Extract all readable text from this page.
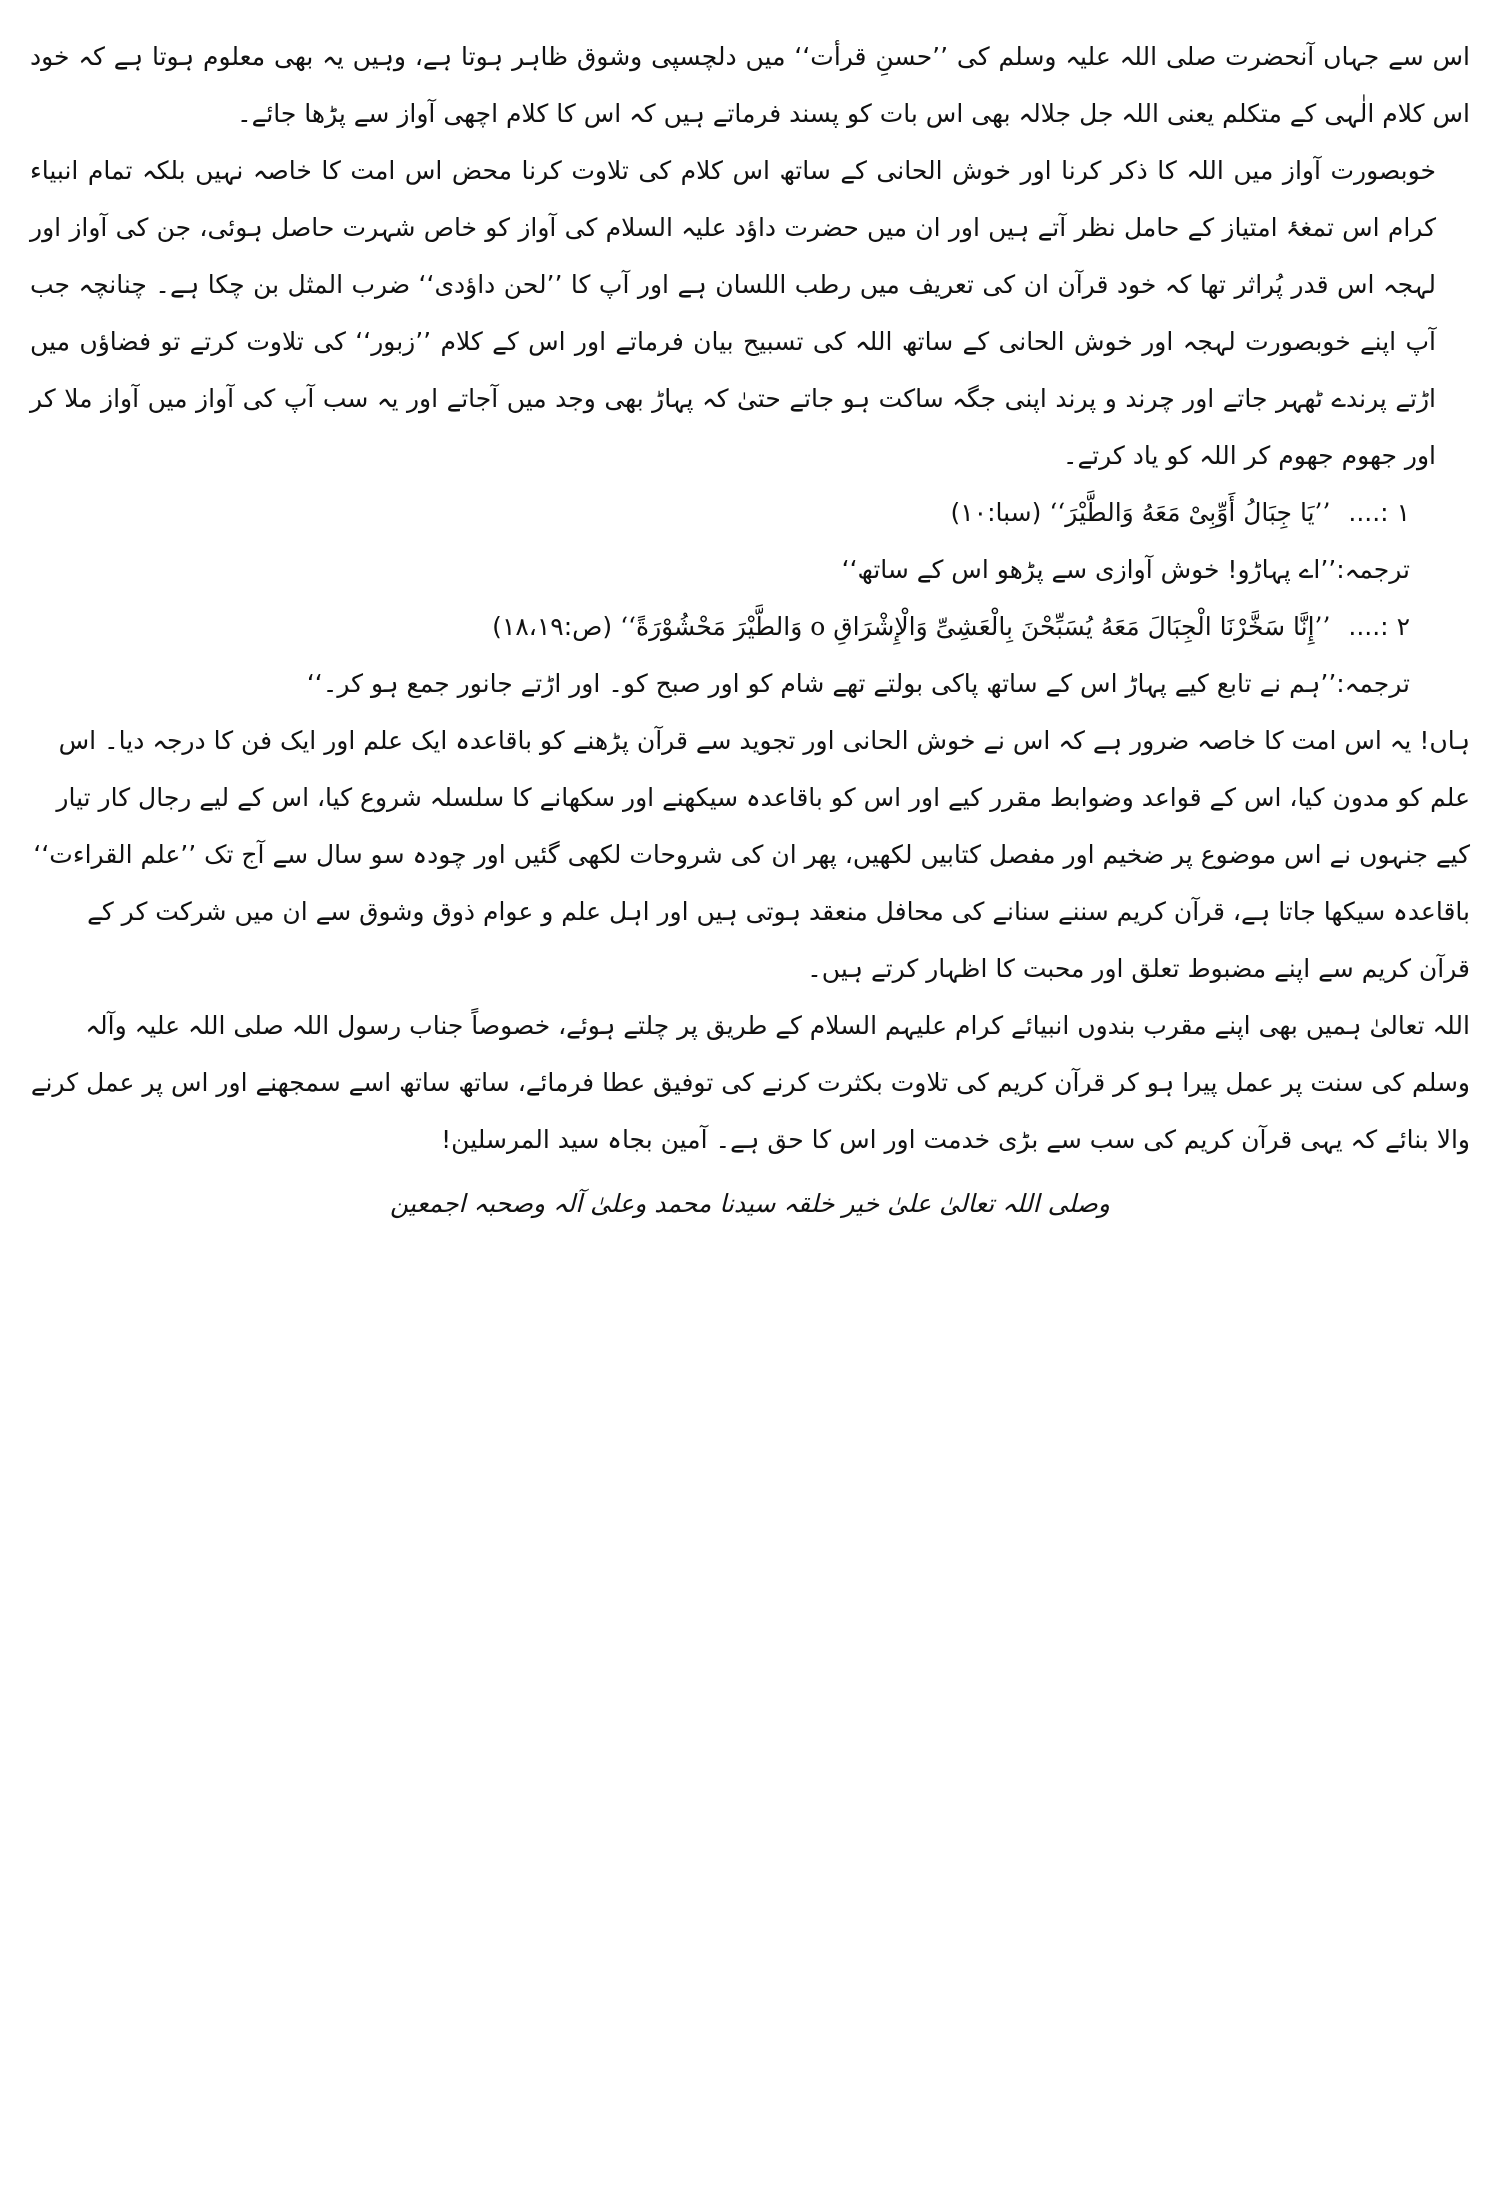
اس سے جہاں آنحضرت صلی اللہ علیہ وسلم کی ’’حسنِ قرأت‘‘ میں دلچسپی وشوق ظاہر ہوتا ہے، وہیں یہ بھی معلوم ہوتا ہے کہ خود اس کلام الٰہی کے متکلم یعنی اللہ جل جلالہ بھی اس بات کو پسند فرماتے ہیں کہ اس کا کلام اچھی آواز سے پڑھا جائے۔

خوبصورت آواز میں اللہ کا ذکر کرنا اور خوش الحانی کے ساتھ اس کلام کی تلاوت کرنا محض اس امت کا خاصہ نہیں بلکہ تمام انبیاء کرام اس تمغۂ امتیاز کے حامل نظر آتے ہیں اور ان میں حضرت داؤد علیہ السلام کی آواز کو خاص شہرت حاصل ہوئی، جن کی آواز اور لہجہ اس قدر پُراثر تھا کہ خود قرآن ان کی تعریف میں رطب اللسان ہے اور آپ کا ’’لحن داؤدی‘‘ ضرب المثل بن چکا ہے۔ چنانچہ جب آپ اپنے خوبصورت لہجہ اور خوش الحانی کے ساتھ اللہ کی تسبیح بیان فرماتے اور اس کے کلام ’’زبور‘‘ کی تلاوت کرتے تو فضاؤں میں اڑتے پرندے ٹھہر جاتے اور چرند و پرند اپنی جگہ ساکت ہو جاتے حتیٰ کہ پہاڑ بھی وجد میں آجاتے اور یہ سب آپ کی آواز میں آواز ملا کر اور جھوم جھوم کر اللہ کو یاد کرتے۔

۱ :.... ’’یَا جِبَالُ أَوِّبِیْ مَعَهُ وَالطَّیْرَ‘‘ (سبا:۱۰)

ترجمہ:’’اے پہاڑو! خوش آوازی سے پڑھو اس کے ساتھ‘‘

۲ :.... ’’إِنَّا سَخَّرْنَا الْجِبَالَ مَعَهُ یُسَبِّحْنَ بِالْعَشِیِّ وَالْإِشْرَاقِ o وَالطَّیْرَ مَحْشُوْرَةً‘‘ (ص:۱۸،۱۹)

ترجمہ:’’ہم نے تابع کیے پہاڑ اس کے ساتھ پاکی بولتے تھے شام کو اور صبح کو۔ اور اڑتے جانور جمع ہو کر۔‘‘

ہاں! یہ اس امت کا خاصہ ضرور ہے کہ اس نے خوش الحانی اور تجوید سے قرآن پڑھنے کو باقاعدہ ایک علم اور ایک فن کا درجہ دیا۔ اس علم کو مدون کیا، اس کے قواعد وضوابط مقرر کیے اور اس کو باقاعدہ سیکھنے اور سکھانے کا سلسلہ شروع کیا، اس کے لیے رجال کار تیار کیے جنہوں نے اس موضوع پر ضخیم اور مفصل کتابیں لکھیں، پھر ان کی شروحات لکھی گئیں اور چودہ سو سال سے آج تک ’’علم القراءت‘‘ باقاعدہ سیکھا جاتا ہے، قرآن کریم سننے سنانے کی محافل منعقد ہوتی ہیں اور اہل علم و عوام ذوق وشوق سے ان میں شرکت کر کے قرآن کریم سے اپنے مضبوط تعلق اور محبت کا اظہار کرتے ہیں۔

اللہ تعالیٰ ہمیں بھی اپنے مقرب بندوں انبیائے کرام علیہم السلام کے طریق پر چلتے ہوئے، خصوصاً جناب رسول اللہ صلی اللہ علیہ وآلہ وسلم کی سنت پر عمل پیرا ہو کر قرآن کریم کی تلاوت بکثرت کرنے کی توفیق عطا فرمائے، ساتھ ساتھ اسے سمجھنے اور اس پر عمل کرنے والا بنائے کہ یہی قرآن کریم کی سب سے بڑی خدمت اور اس کا حق ہے۔ آمین بجاہ سید المرسلین!

وصلی اللہ تعالیٰ علیٰ خیر خلقہ سیدنا محمد وعلیٰ آلہ وصحبہ اجمعین
